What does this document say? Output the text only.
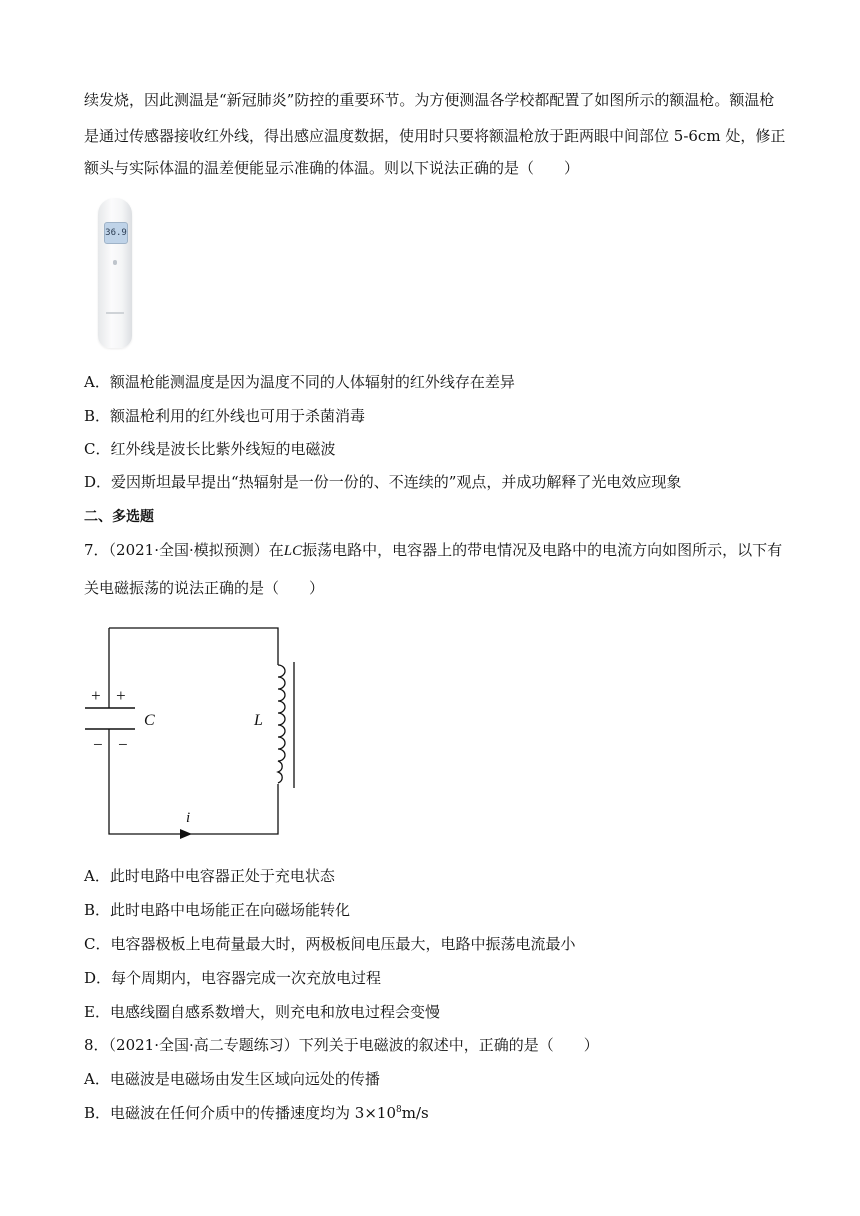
续发烧，因此测温是“新冠肺炎”防控的重要环节。为方便测温各学校都配置了如图所示的额温枪。额温枪
是通过传感器接收红外线，得出感应温度数据，使用时只要将额温枪放于距两眼中间部位 5-6cm 处，修正
额头与实际体温的温差便能显示准确的体温。则以下说法正确的是（　　）
36.9
A．额温枪能测温度是因为温度不同的人体辐射的红外线存在差异
B．额温枪利用的红外线也可用于杀菌消毒
C．红外线是波长比紫外线短的电磁波
D．爱因斯坦最早提出“热辐射是一份一份的、不连续的”观点，并成功解释了光电效应现象
二、多选题
7．（2021·全国·模拟预测）在LC振荡电路中，电容器上的带电情况及电路中的电流方向如图所示，以下有
关电磁振荡的说法正确的是（　　）
+ +
− −
C	L
i
A．此时电路中电容器正处于充电状态
B．此时电路中电场能正在向磁场能转化
C．电容器极板上电荷量最大时，两极板间电压最大，电路中振荡电流最小
D．每个周期内，电容器完成一次充放电过程
E．电感线圈自感系数增大，则充电和放电过程会变慢
8．（2021·全国·高二专题练习）下列关于电磁波的叙述中，正确的是（　　）
A．电磁波是电磁场由发生区域向远处的传播
B．电磁波在任何介质中的传播速度均为 $3\times 10^8m/s$
